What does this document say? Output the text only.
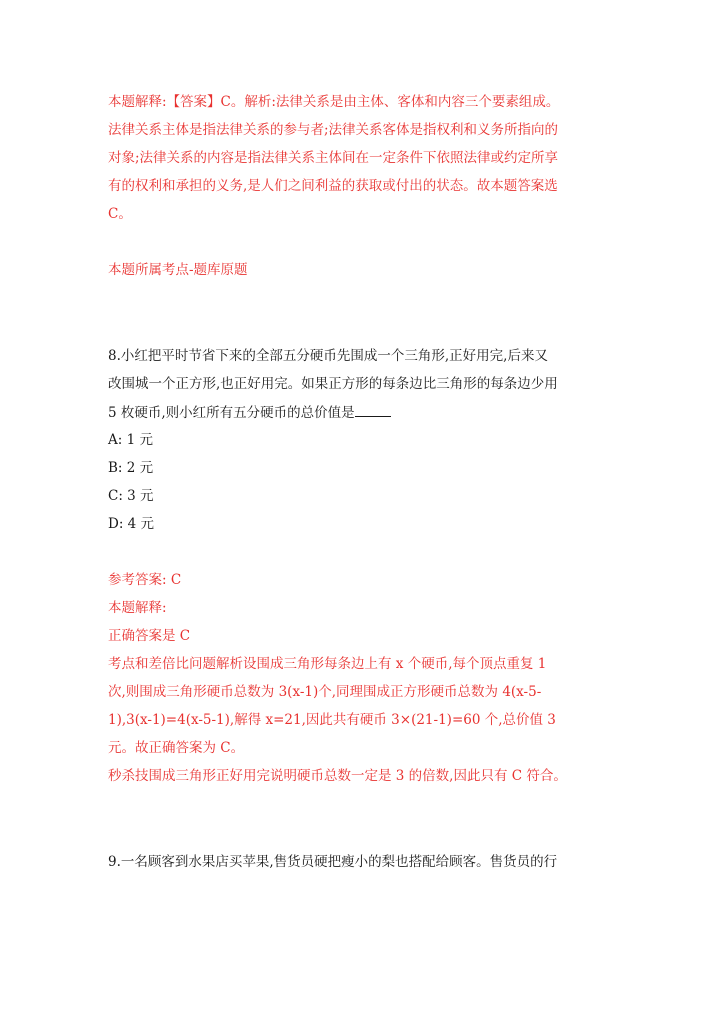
本题解释:【答案】C。解析:法律关系是由主体、客体和内容三个要素组成。
法律关系主体是指法律关系的参与者;法律关系客体是指权利和义务所指向的
对象;法律关系的内容是指法律关系主体间在一定条件下依照法律或约定所享
有的权利和承担的义务,是人们之间利益的获取或付出的状态。故本题答案选
C。
本题所属考点-题库原题
8.小红把平时节省下来的全部五分硬币先围成一个三角形,正好用完,后来又
改围城一个正方形,也正好用完。如果正方形的每条边比三角形的每条边少用
5 枚硬币,则小红所有五分硬币的总价值是
A: 1 元
B: 2 元
C: 3 元
D: 4 元
参考答案: C
本题解释:
正确答案是 C
考点和差倍比问题解析设围成三角形每条边上有 x 个硬币,每个顶点重复 1
次,则围成三角形硬币总数为 3(x-1)个,同理围成正方形硬币总数为 4(x-5-
1),3(x-1)=4(x-5-1),解得 x=21,因此共有硬币 3×(21-1)=60 个,总价值 3
元。故正确答案为 C。
秒杀技围成三角形正好用完说明硬币总数一定是 3 的倍数,因此只有 C 符合。
9.一名顾客到水果店买苹果,售货员硬把瘦小的梨也搭配给顾客。售货员的行
